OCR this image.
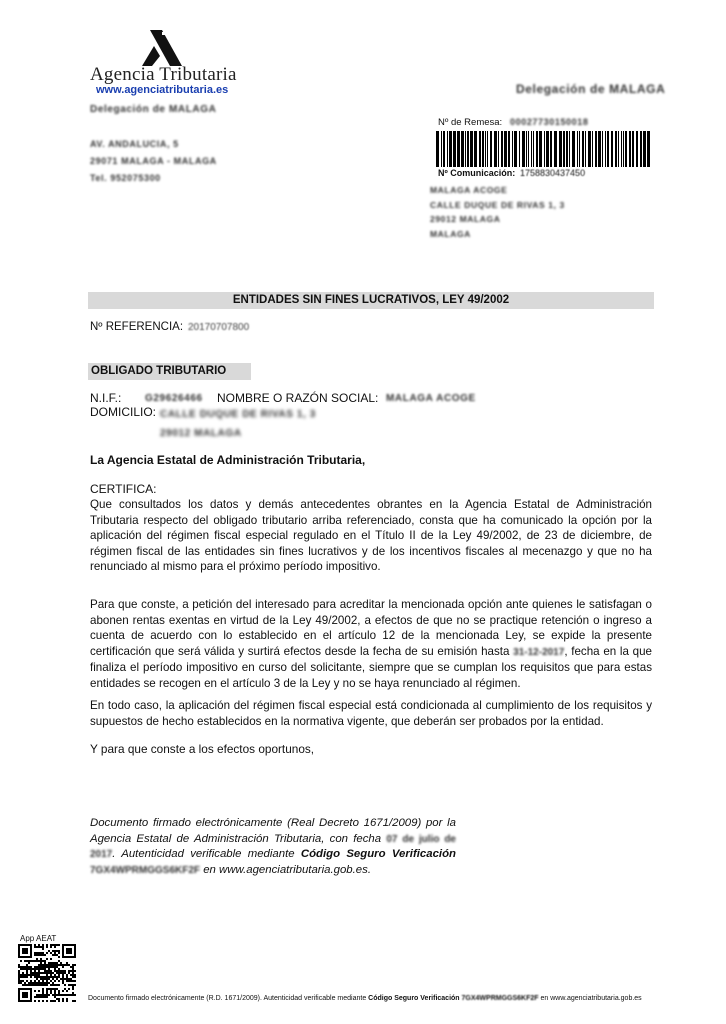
Agencia Tributaria
www.agenciatributaria.es	Delegación de MALAGA
Delegación de MALAGA
AV. ANDALUCIA, 5
29071 MALAGA - MALAGA
Tel. 952075300
Nº de Remesa: 00027730150018
Nº Comunicación: 1758830437450
MALAGA ACOGE
CALLE DUQUE DE RIVAS 1, 3
29012 MALAGA
MALAGA
ENTIDADES SIN FINES LUCRATIVOS, LEY 49/2002
Nº REFERENCIA: 20170707800
OBLIGADO TRIBUTARIO
N.I.F.: G29626466 NOMBRE O RAZÓN SOCIAL: MALAGA ACOGE
DOMICILIO: CALLE DUQUE DE RIVAS 1, 3
29012 MALAGA
La Agencia Estatal de Administración Tributaria,
CERTIFICA:
Que consultados los datos y demás antecedentes obrantes en la Agencia Estatal de Administración Tributaria respecto del obligado tributario arriba referenciado, consta que ha comunicado la opción por la aplicación del régimen fiscal especial regulado en el Título II de la Ley 49/2002, de 23 de diciembre, de régimen fiscal de las entidades sin fines lucrativos y de los incentivos fiscales al mecenazgo y que no ha renunciado al mismo para el próximo período impositivo.
Para que conste, a petición del interesado para acreditar la mencionada opción ante quienes le satisfagan o abonen rentas exentas en virtud de la Ley 49/2002, a efectos de que no se practique retención o ingreso a cuenta de acuerdo con lo establecido en el artículo 12 de la mencionada Ley, se expide la presente certificación que será válida y surtirá efectos desde la fecha de su emisión hasta 31-12-2017, fecha en la que finaliza el período impositivo en curso del solicitante, siempre que se cumplan los requisitos que para estas entidades se recogen en el artículo 3 de la Ley y no se haya renunciado al régimen.
En todo caso, la aplicación del régimen fiscal especial está condicionada al cumplimiento de los requisitos y supuestos de hecho establecidos en la normativa vigente, que deberán ser probados por la entidad.
Y para que conste a los efectos oportunos,
Documento firmado electrónicamente (Real Decreto 1671/2009) por la Agencia Estatal de Administración Tributaria, con fecha 07 de julio de 2017. Autenticidad verificable mediante Código Seguro Verificación 7GX4WPRMGGS6KF2F en www.agenciatributaria.gob.es.
App AEAT
Documento firmado electrónicamente (R.D. 1671/2009). Autenticidad verificable mediante Código Seguro Verificación 7GX4WPRMGGS6KF2F en www.agenciatributaria.gob.es
